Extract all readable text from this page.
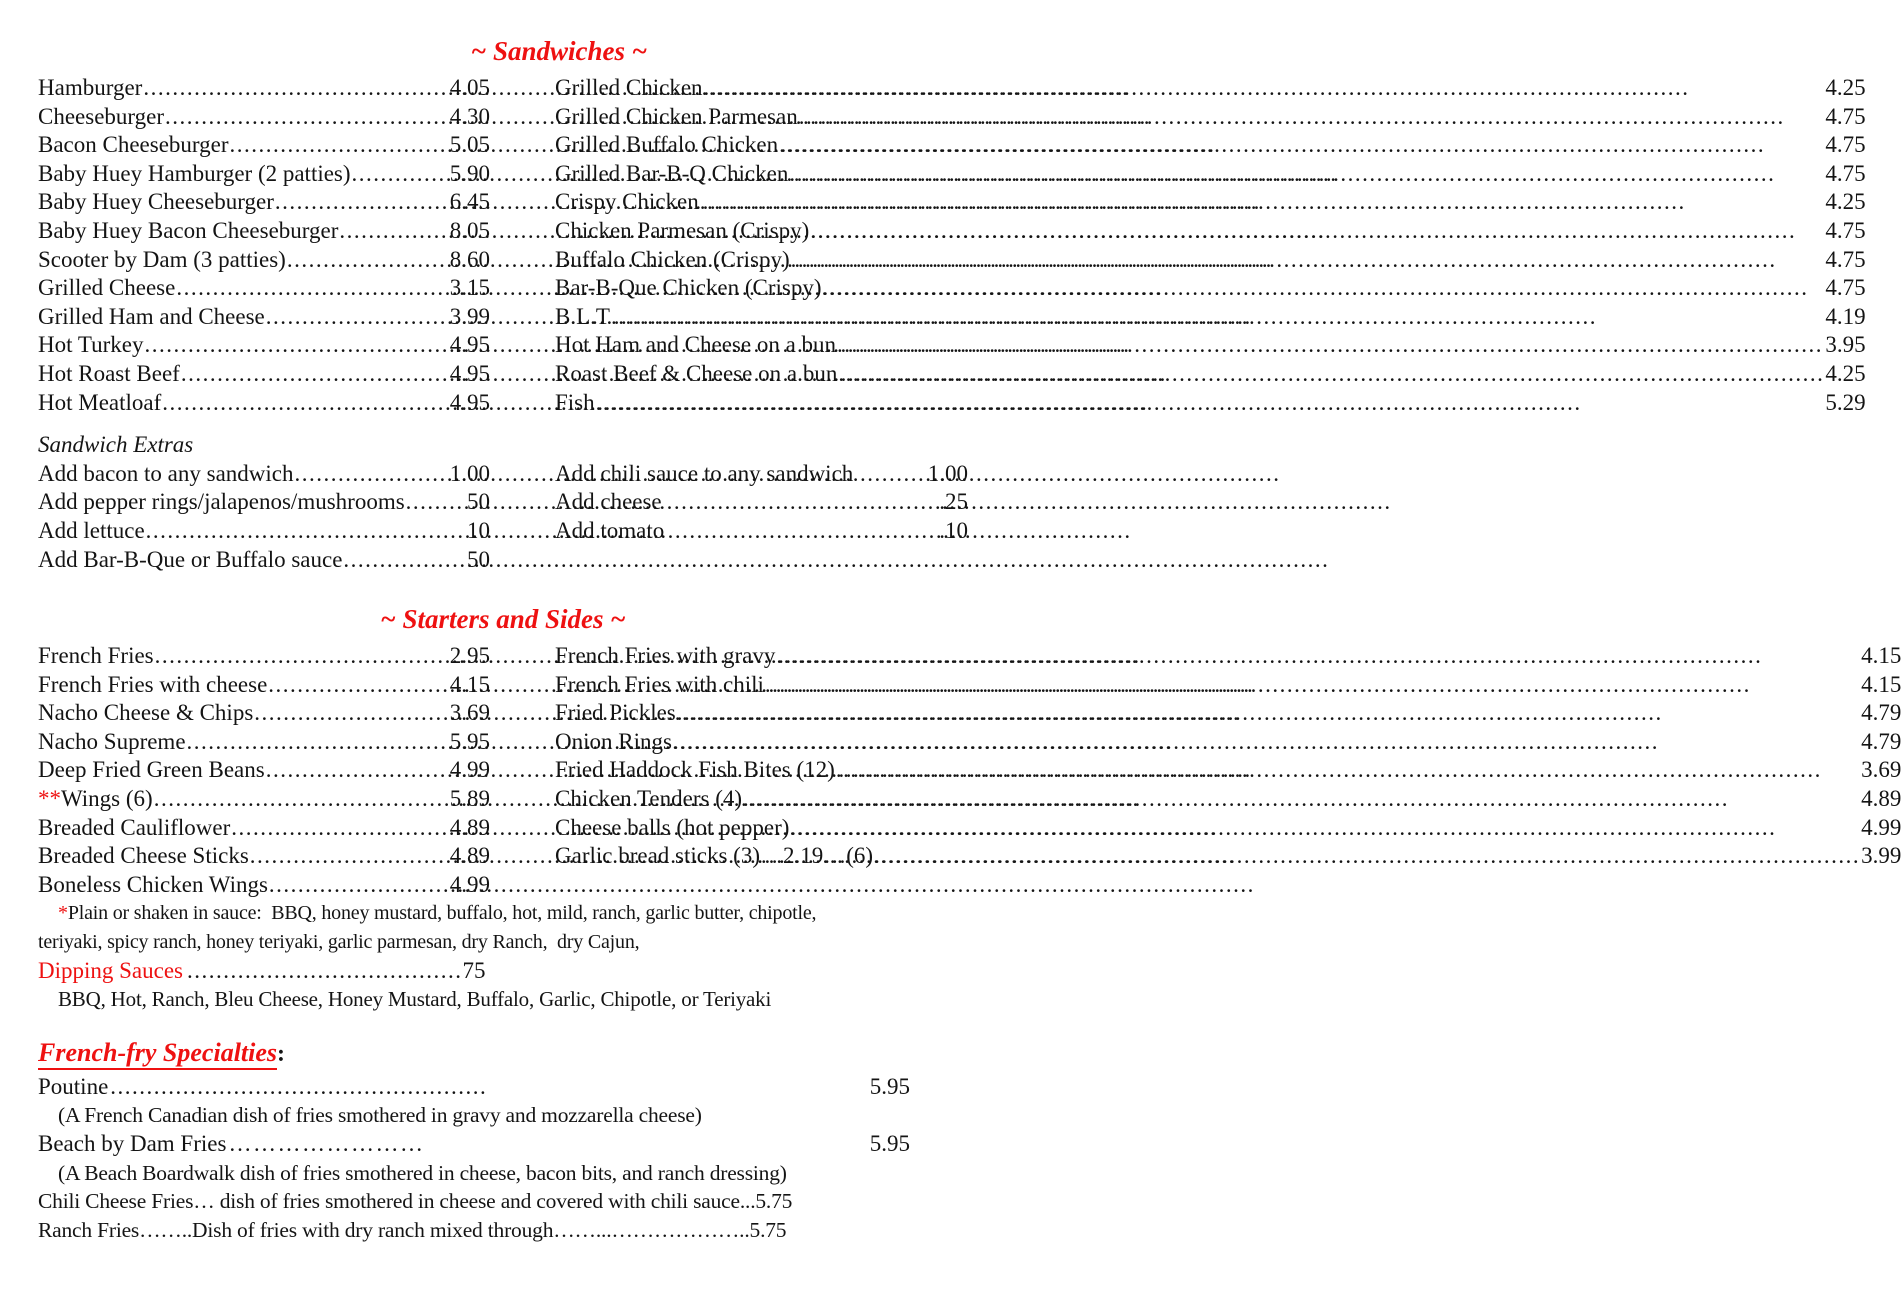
~ Sandwiches ~
Hamburger .....	4.05
Cheeseburger .....	4.30
Bacon Cheeseburger .....	5.05
Baby Huey Hamburger (2 patties) .....	5.90
Baby Huey Cheeseburger .....	6.45
Baby Huey Bacon Cheeseburger .....	8.05
Scooter by Dam (3 patties) .....	8.60
Grilled Cheese .....	3.15
Grilled Ham and Cheese .....	3.99
Hot Turkey .....	4.95
Hot Roast Beef .....	4.95
Hot Meatloaf .....	4.95
Grilled Chicken .....	4.25
Grilled Chicken Parmesan .....	4.75
Grilled Buffalo Chicken .....	4.75
Grilled Bar-B-Q Chicken .....	4.75
Crispy Chicken .....	4.25
Chicken Parmesan (Crispy) .....	4.75
Buffalo Chicken (Crispy) .....	4.75
Bar-B-Que Chicken (Crispy) .....	4.75
B.L.T .....	4.19
Hot Ham and Cheese on a bun .....	3.95
Roast Beef & Cheese on a bun .....	4.25
Fish .....	5.29
Sandwich Extras
Add bacon to any sandwich .....	1.00
Add pepper rings/jalapenos/mushrooms .....	50
Add lettuce .....	10
Add Bar-B-Que or Buffalo sauce .....	50
Add chili sauce to any sandwich	1.00
Add cheese	.25
Add tomato	.10
~ Starters and Sides ~
French Fries .....	2.95
French Fries with cheese .....	4.15
Nacho Cheese & Chips .....	3.69
Nacho Supreme .....	5.95
Deep Fried Green Beans .....	4.99
**Wings (6) .....	5.89
Breaded Cauliflower .....	4.89
Breaded Cheese Sticks .....	4.89
Boneless Chicken Wings .....	4.99
French Fries with gravy .....	4.15
French Fries with chili .....	4.15
Fried Pickles .....	4.79
Onion Rings .....	4.79
Fried Haddock Fish Bites (12) .....	3.69
Chicken Tenders (4) .....	4.89
Cheese balls (hot pepper) .....	4.99
Garlic bread sticks (3)…2.19…(6) .....	3.99
*Plain or shaken in sauce:  BBQ, honey mustard, buffalo, hot, mild, ranch, garlic butter, chipotle,
teriyaki, spicy ranch, honey teriyaki, garlic parmesan, dry Ranch,  dry Cajun,
Dipping Sauces ......................................75
BBQ, Hot, Ranch, Bleu Cheese, Honey Mustard, Buffalo, Garlic, Chipotle, or Teriyaki
French-fry Specialties:
Poutine ....................................................	5.95
(A French Canadian dish of fries smothered in gravy and mozzarella cheese)
Beach by Dam Fries ……………………	5.95
(A Beach Boardwalk dish of fries smothered in cheese, bacon bits, and ranch dressing)
Chili Cheese Fries… dish of fries smothered in cheese and covered with chili sauce...5.75
Ranch Fries……..Dish of fries with dry ranch mixed through……...………………..5.75
